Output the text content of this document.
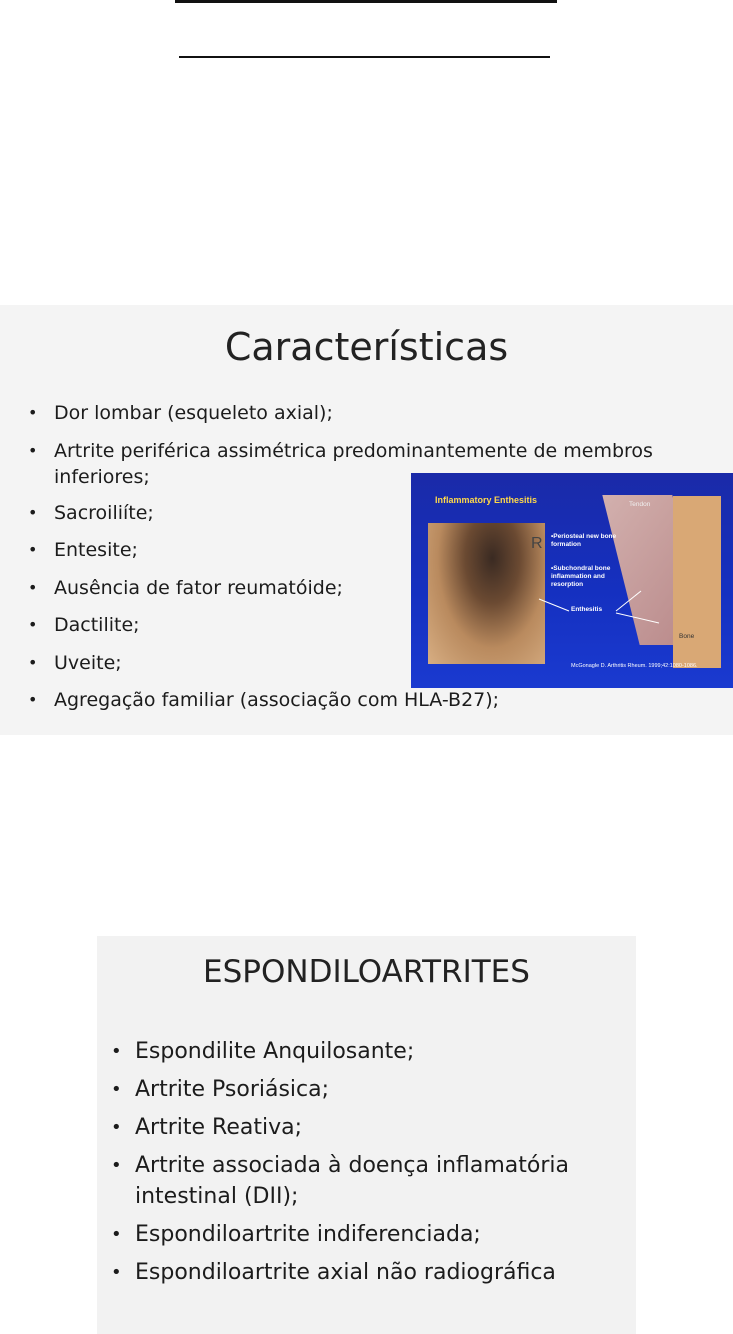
Características
• Dor lombar (esqueleto axial);
• Artrite periférica assimétrica predominantemente de membros inferiores;
• Sacroiliíte;
• Entesite;
• Ausência de fator reumatóide;
• Dactilite;
• Uveite;
• Agregação familiar (associação com HLA-B27);
Inflammatory Enthesitis
R
Tendon
Bone
•Periosteal new bone formation
•Subchondral bone inflammation and resorption
Enthesitis
McGonagle D. Arthritis Rheum. 1999;42:1080-1086.
ESPONDILOARTRITES
• Espondilite Anquilosante;
• Artrite Psoriásica;
• Artrite Reativa;
• Artrite associada à doença inflamatória intestinal (DII);
• Espondiloartrite indiferenciada;
• Espondiloartrite axial não radiográfica
